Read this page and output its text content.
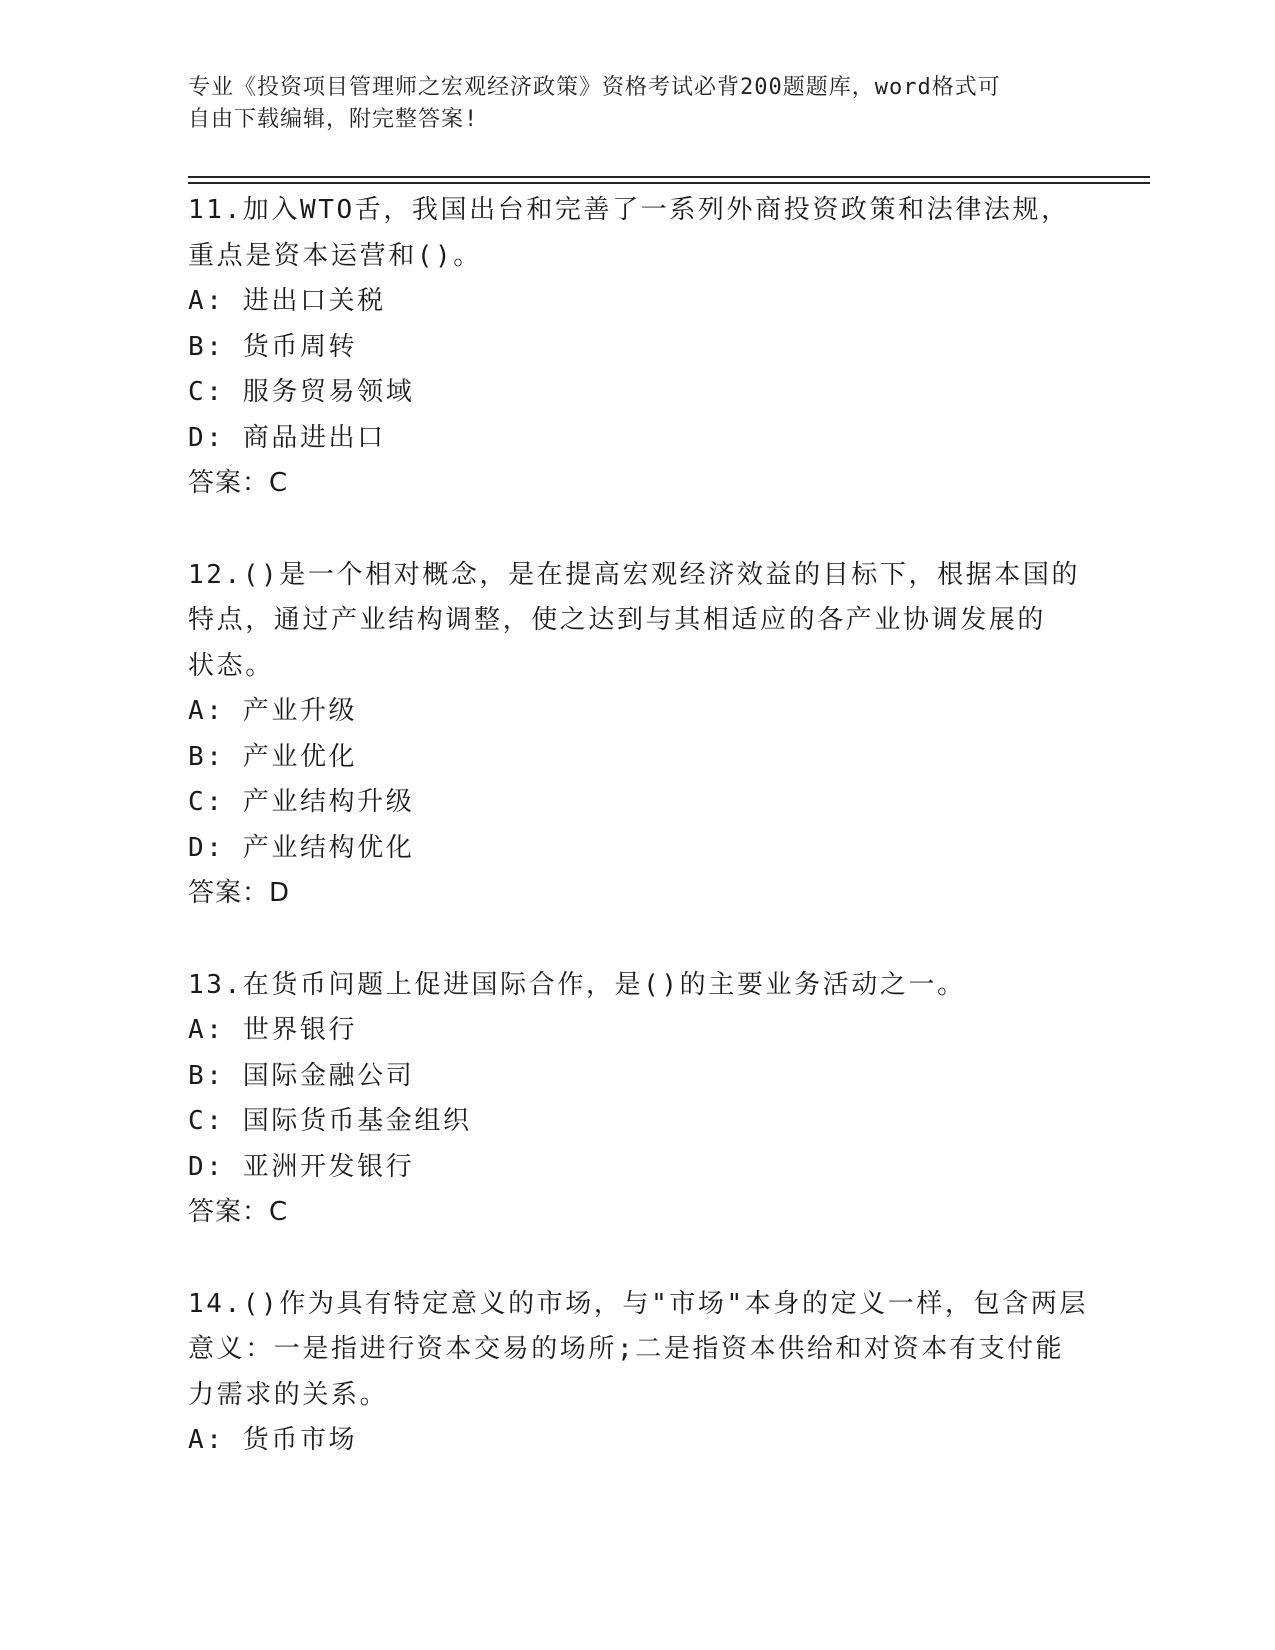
专业《投资项目管理师之宏观经济政策》资格考试必背200题题库，word格式可
自由下载编辑，附完整答案!
11.加入WTO舌，我国出台和完善了一系列外商投资政策和法律法规，
重点是资本运营和()。
A: 进出口关税
B: 货币周转
C: 服务贸易领域
D: 商品进出口
答案：C
12.()是一个相对概念，是在提高宏观经济效益的目标下，根据本国的
特点，通过产业结构调整，使之达到与其相适应的各产业协调发展的
状态。
A: 产业升级
B: 产业优化
C: 产业结构升级
D: 产业结构优化
答案：D
13.在货币问题上促进国际合作，是()的主要业务活动之一。
A: 世界银行
B: 国际金融公司
C: 国际货币基金组织
D: 亚洲开发银行
答案：C
14.()作为具有特定意义的市场，与"市场"本身的定义一样，包含两层
意义：一是指进行资本交易的场所;二是指资本供给和对资本有支付能
力需求的关系。
A: 货币市场
